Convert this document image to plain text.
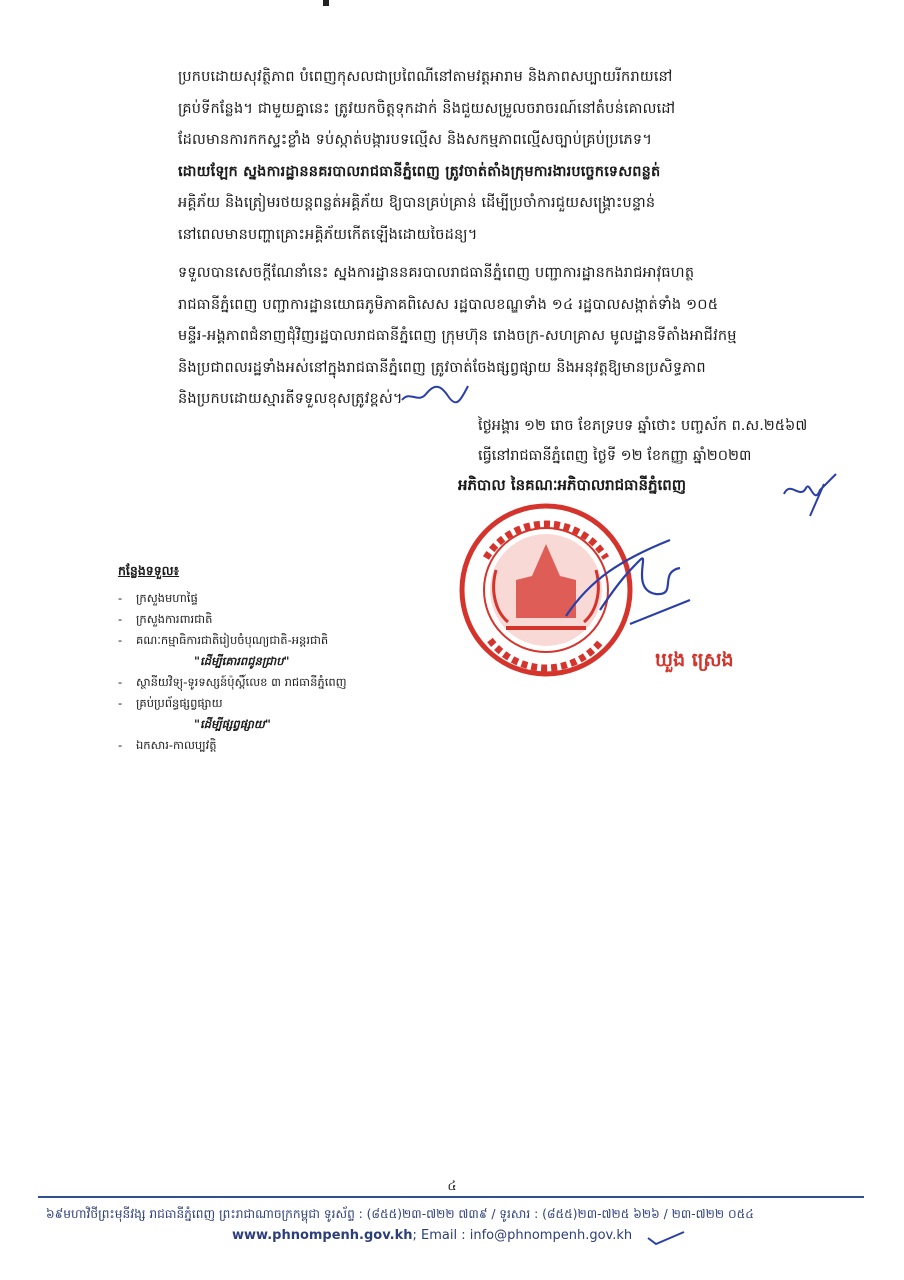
ប្រកបដោយសុវត្ថិភាព បំពេញកុសលជាប្រពៃណីនៅតាមវត្តអារាម និងភាពសប្បាយរីករាយនៅ
គ្រប់ទីកន្លែង។ ជាមួយគ្នានេះ ត្រូវយកចិត្តទុកដាក់ និងជួយសម្រួលចរាចរណ៍នៅតំបន់គោលដៅ
ដែលមានការកកស្ទះខ្លាំង ទប់ស្កាត់បង្ការបទល្មើស និងសកម្មភាពល្មើសច្បាប់គ្រប់ប្រភេទ។
ដោយឡែក ស្នងការដ្ឋាននគរបាលរាជធានីភ្នំពេញ ត្រូវចាត់តាំងក្រុមការងារបច្ចេកទេសពន្លត់
អគ្គិភ័យ និងត្រៀមរថយន្តពន្លត់អគ្គិភ័យ ឱ្យបានគ្រប់គ្រាន់ ដើម្បីប្រចាំការជួយសង្គ្រោះបន្ទាន់
នៅពេលមានបញ្ហាគ្រោះអគ្គិភ័យកើតឡើងដោយចៃដន្យ។
ទទួលបានសេចក្តីណែនាំនេះ ស្នងការដ្ឋាននគរបាលរាជធានីភ្នំពេញ បញ្ជាការដ្ឋានកងរាជអាវុធហត្ថ
រាជធានីភ្នំពេញ បញ្ជាការដ្ឋានយោធភូមិភាគពិសេស រដ្ឋបាលខណ្ឌទាំង ១៤ រដ្ឋបាលសង្កាត់ទាំង ១០៥
មន្ទីរ-អង្គភាពជំនាញជុំវិញរដ្ឋបាលរាជធានីភ្នំពេញ ក្រុមហ៊ុន រោងចក្រ-សហគ្រាស មូលដ្ឋានទីតាំងអាជីវកម្ម
និងប្រជាពលរដ្ឋទាំងអស់នៅក្នុងរាជធានីភ្នំពេញ ត្រូវចាត់ចែងផ្សព្វផ្សាយ និងអនុវត្តឱ្យមានប្រសិទ្ធភាព
និងប្រកបដោយស្មារតីទទួលខុសត្រូវខ្ពស់។
ថ្ងៃអង្គារ ១២ រោច ខែភទ្របទ ឆ្នាំថោះ បញ្ចស័ក ព.ស.២៥៦៧
ធ្វើនៅរាជធានីភ្នំពេញ ថ្ងៃទី ១២ ខែកញ្ញា ឆ្នាំ២០២៣
អភិបាល នៃគណៈអភិបាលរាជធានីភ្នំពេញ
ឃួង ស្រេង
កន្លែងទទួល៖
- ក្រសួងមហាផ្ទៃ
- ក្រសួងការពារជាតិ
- គណៈកម្មាធិការជាតិរៀបចំបុណ្យជាតិ-អន្តរជាតិ
"ដើម្បីគោរពជូនជ្រាប"
- ស្ថានីយវិទ្យុ-ទូរទស្សន៍ប៉ុស្តិ៍លេខ ៣ រាជធានីភ្នំពេញ
- គ្រប់ប្រព័ន្ធផ្សព្វផ្សាយ
"ដើម្បីផ្សព្វផ្សាយ"
- ឯកសារ-កាលប្បវត្តិ
៤
៦៩មហាវិថីព្រះមុនីវង្ស រាជធានីភ្នំពេញ ព្រះរាជាណាចក្រកម្ពុជា ទូរស័ព្ទ : (៨៥៥)២៣-៧២២ ៧៣៩ / ទូរសារ : (៨៥៥)២៣-៧២៥ ៦២៦ / ២៣-៧២២ ០៥៤
www.phnompenh.gov.kh; Email : info@phnompenh.gov.kh
